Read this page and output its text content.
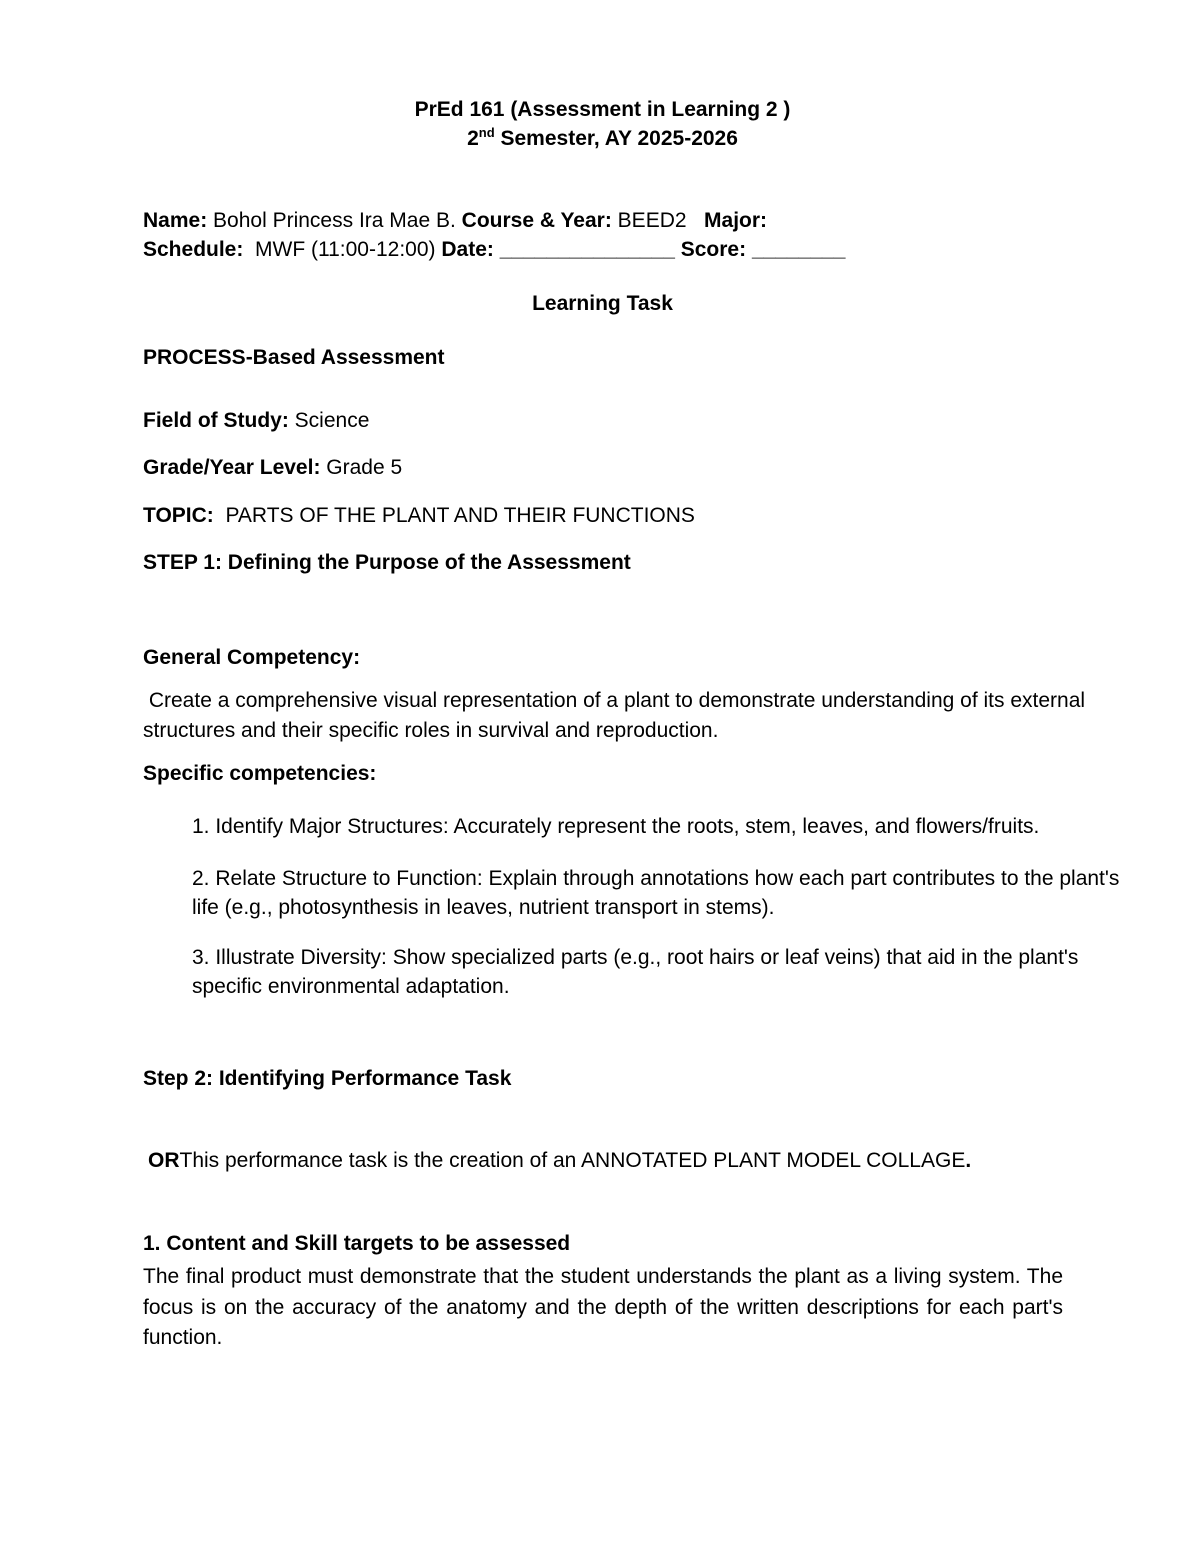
PrEd 161 (Assessment in Learning 2 )
2nd Semester, AY 2025-2026
Name: Bohol Princess Ira Mae B. Course & Year: BEED2   Major:
Schedule:  MWF (11:00-12:00) Date: _______________ Score: ________
Learning Task
PROCESS-Based Assessment
Field of Study: Science
Grade/Year Level: Grade 5
TOPIC:  PARTS OF THE PLANT AND THEIR FUNCTIONS
STEP 1: Defining the Purpose of the Assessment
General Competency:
Create a comprehensive visual representation of a plant to demonstrate understanding of its external structures and their specific roles in survival and reproduction.
Specific competencies:
1. Identify Major Structures: Accurately represent the roots, stem, leaves, and flowers/fruits.
2. Relate Structure to Function: Explain through annotations how each part contributes to the plant's life (e.g., photosynthesis in leaves, nutrient transport in stems).
3. Illustrate Diversity: Show specialized parts (e.g., root hairs or leaf veins) that aid in the plant's specific environmental adaptation.
Step 2: Identifying Performance Task
ORThis performance task is the creation of an ANNOTATED PLANT MODEL COLLAGE.
1. Content and Skill targets to be assessed
The final product must demonstrate that the student understands the plant as a living system. The focus is on the accuracy of the anatomy and the depth of the written descriptions for each part's function.
